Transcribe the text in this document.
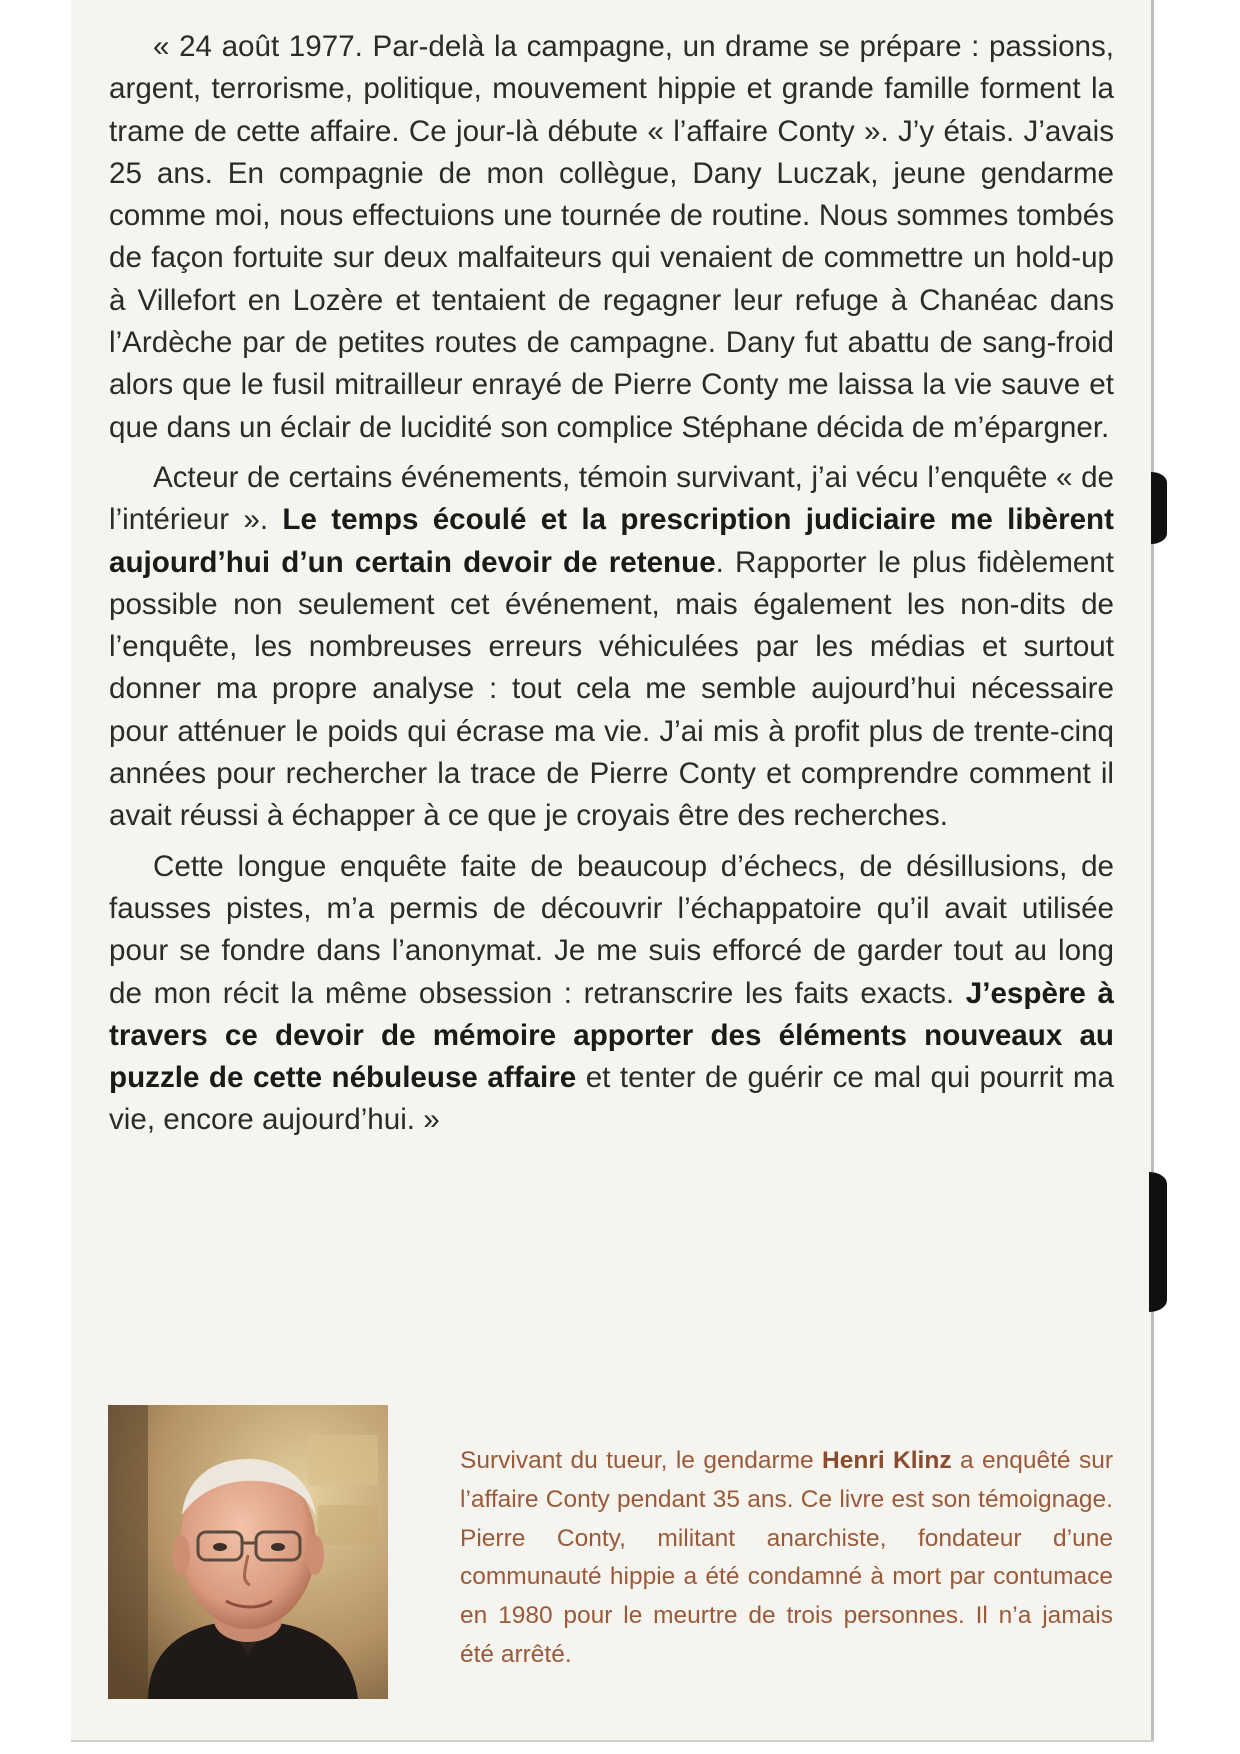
« 24 août 1977. Par-delà la campagne, un drame se prépare : passions, argent, terrorisme, politique, mouvement hippie et grande famille forment la trame de cette affaire. Ce jour-là débute « l’affaire Conty ». J’y étais. J’avais 25 ans. En compagnie de mon collègue, Dany Luczak, jeune gendarme comme moi, nous effectuions une tournée de routine. Nous sommes tombés de façon fortuite sur deux malfaiteurs qui venaient de commettre un hold-up à Villefort en Lozère et tentaient de regagner leur refuge à Chanéac dans l’Ardèche par de petites routes de campagne. Dany fut abattu de sang-froid alors que le fusil mitrailleur enrayé de Pierre Conty me laissa la vie sauve et que dans un éclair de lucidité son complice Stéphane décida de m’épargner.

Acteur de certains événements, témoin survivant, j’ai vécu l’enquête « de l’intérieur ». Le temps écoulé et la prescription judiciaire me libèrent aujourd’hui d’un certain devoir de retenue. Rapporter le plus fidèlement possible non seulement cet événement, mais également les non-dits de l’enquête, les nombreuses erreurs véhiculées par les médias et surtout donner ma propre analyse : tout cela me semble aujourd’hui nécessaire pour atténuer le poids qui écrase ma vie. J’ai mis à profit plus de trente-cinq années pour rechercher la trace de Pierre Conty et comprendre comment il avait réussi à échapper à ce que je croyais être des recherches.

Cette longue enquête faite de beaucoup d’échecs, de désillusions, de fausses pistes, m’a permis de découvrir l’échappatoire qu’il avait utilisée pour se fondre dans l’anonymat. Je me suis efforcé de garder tout au long de mon récit la même obsession : retranscrire les faits exacts. J’espère à travers ce devoir de mémoire apporter des éléments nouveaux au puzzle de cette nébuleuse affaire et tenter de guérir ce mal qui pourrit ma vie, encore aujourd’hui. »

Survivant du tueur, le gendarme Henri Klinz a enquêté sur l’affaire Conty pendant 35 ans. Ce livre est son témoignage. Pierre Conty, militant anarchiste, fondateur d’une communauté hippie a été condamné à mort par contumace en 1980 pour le meurtre de trois personnes. Il n’a jamais été arrêté.
